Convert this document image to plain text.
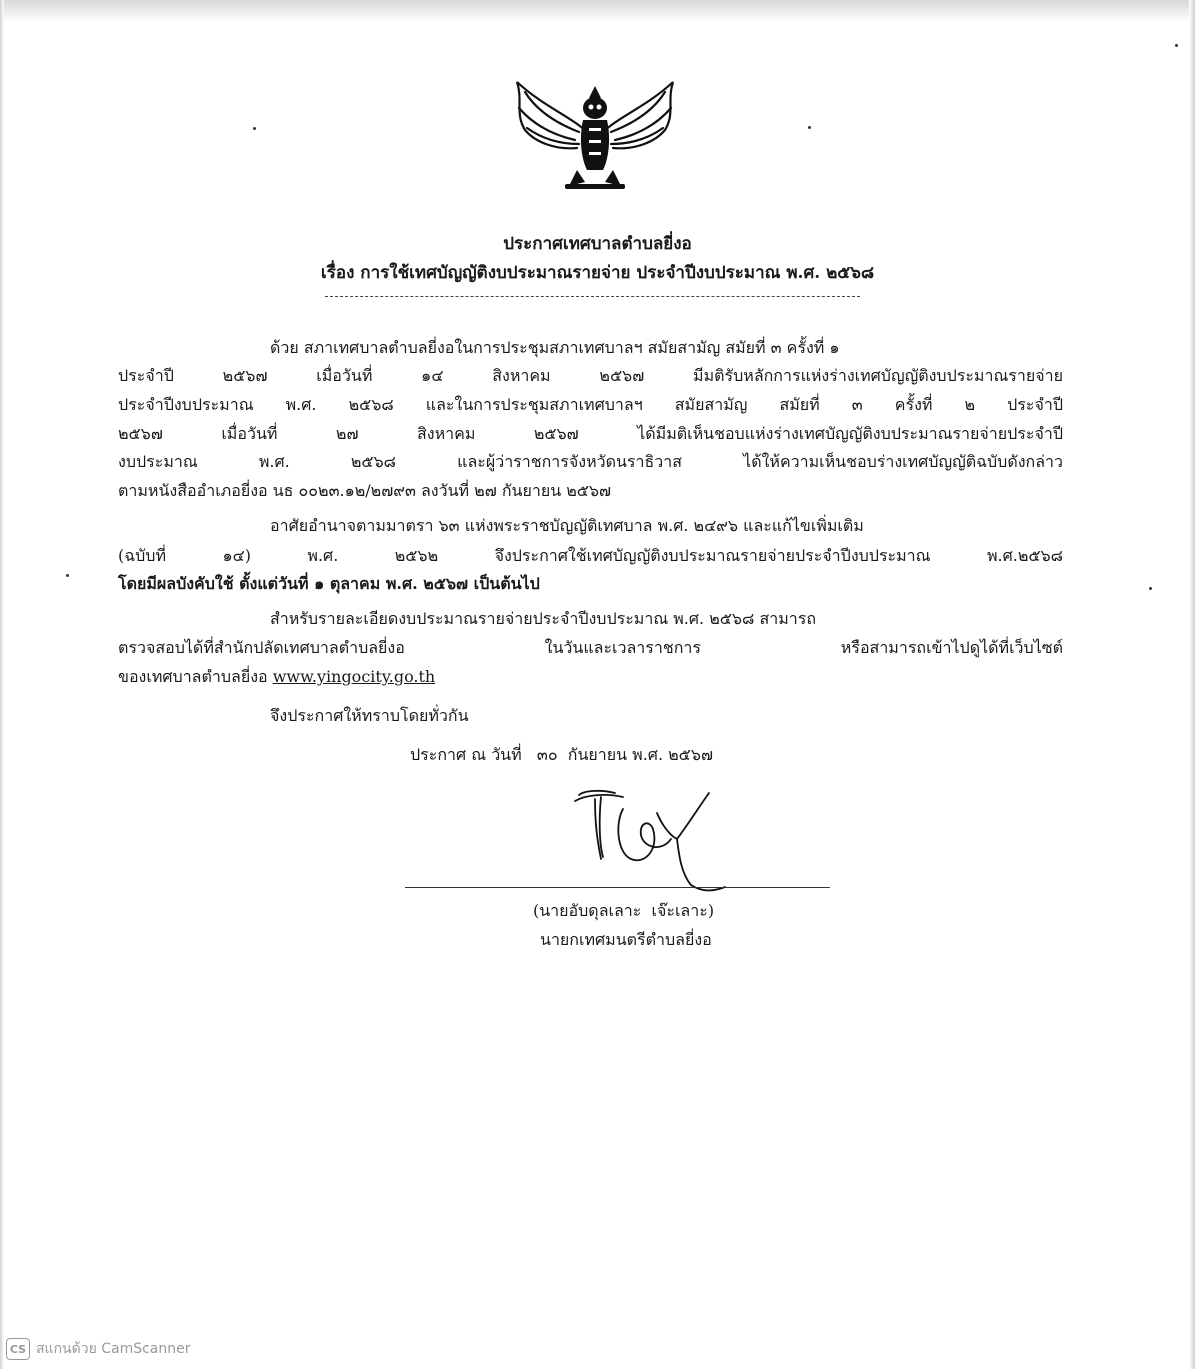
ประกาศเทศบาลตำบลยี่งอ
เรื่อง การใช้เทศบัญญัติงบประมาณรายจ่าย ประจำปีงบประมาณ พ.ศ. ๒๕๖๘
ด้วย สภาเทศบาลตำบลยี่งอในการประชุมสภาเทศบาลฯ สมัยสามัญ สมัยที่ ๓ ครั้งที่ ๑
ประจำปี ๒๕๖๗ เมื่อวันที่ ๑๔ สิงหาคม ๒๕๖๗ มีมติรับหลักการแห่งร่างเทศบัญญัติงบประมาณรายจ่าย
ประจำปีงบประมาณ พ.ศ. ๒๕๖๘ และในการประชุมสภาเทศบาลฯ สมัยสามัญ สมัยที่ ๓ ครั้งที่ ๒ ประจำปี
๒๕๖๗ เมื่อวันที่ ๒๗ สิงหาคม ๒๕๖๗ ได้มีมติเห็นชอบแห่งร่างเทศบัญญัติงบประมาณรายจ่ายประจำปี
งบประมาณ พ.ศ. ๒๕๖๘ และผู้ว่าราชการจังหวัดนราธิวาส ได้ให้ความเห็นชอบร่างเทศบัญญัติฉบับดังกล่าว
ตามหนังสืออำเภอยี่งอ นธ ๐๐๒๓.๑๒/๒๗๙๓ ลงวันที่ ๒๗ กันยายน ๒๕๖๗
อาศัยอำนาจตามมาตรา ๖๓ แห่งพระราชบัญญัติเทศบาล พ.ศ. ๒๔๙๖ และแก้ไขเพิ่มเติม
(ฉบับที่ ๑๔) พ.ศ. ๒๕๖๒ จึงประกาศใช้เทศบัญญัติงบประมาณรายจ่ายประจำปีงบประมาณ พ.ศ.๒๕๖๘
โดยมีผลบังคับใช้ ตั้งแต่วันที่ ๑ ตุลาคม พ.ศ. ๒๕๖๗ เป็นต้นไป
สำหรับรายละเอียดงบประมาณรายจ่ายประจำปีงบประมาณ พ.ศ. ๒๕๖๘ สามารถ
ตรวจสอบได้ที่สำนักปลัดเทศบาลตำบลยี่งอ ในวันและเวลาราชการ หรือสามารถเข้าไปดูได้ที่เว็บไซต์
ของเทศบาลตำบลยี่งอ www.yingocity.go.th
จึงประกาศให้ทราบโดยทั่วกัน
ประกาศ ณ วันที่   ๓๐  กันยายน พ.ศ. ๒๕๖๗
(นายอับดุลเลาะ  เจ๊ะเลาะ)
นายกเทศมนตรีตำบลยี่งอ
CS สแกนด้วย CamScanner
